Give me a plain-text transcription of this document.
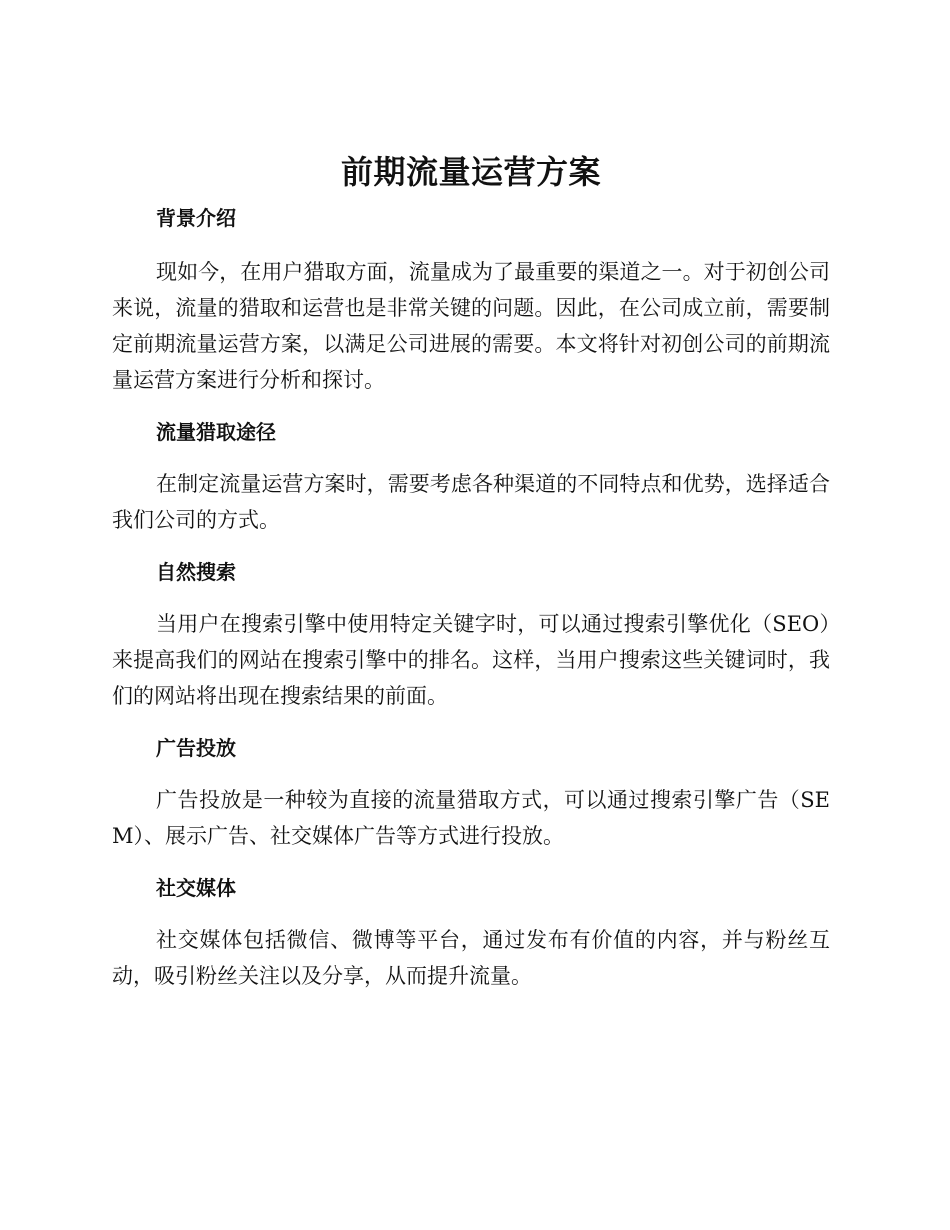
前期流量运营方案
背景介绍

现如今，在用户猎取方面，流量成为了最重要的渠道之一。对于初创公司来说，流量的猎取和运营也是非常关键的问题。因此，在公司成立前，需要制定前期流量运营方案，以满足公司进展的需要。本文将针对初创公司的前期流量运营方案进行分析和探讨。

流量猎取途径

在制定流量运营方案时，需要考虑各种渠道的不同特点和优势，选择适合我们公司的方式。

自然搜索

当用户在搜索引擎中使用特定关键字时，可以通过搜索引擎优化（SEO）来提高我们的网站在搜索引擎中的排名。这样，当用户搜索这些关键词时，我们的网站将出现在搜索结果的前面。

广告投放

广告投放是一种较为直接的流量猎取方式，可以通过搜索引擎广告（SEM）、展示广告、社交媒体广告等方式进行投放。

社交媒体

社交媒体包括微信、微博等平台，通过发布有价值的内容，并与粉丝互动，吸引粉丝关注以及分享，从而提升流量。
